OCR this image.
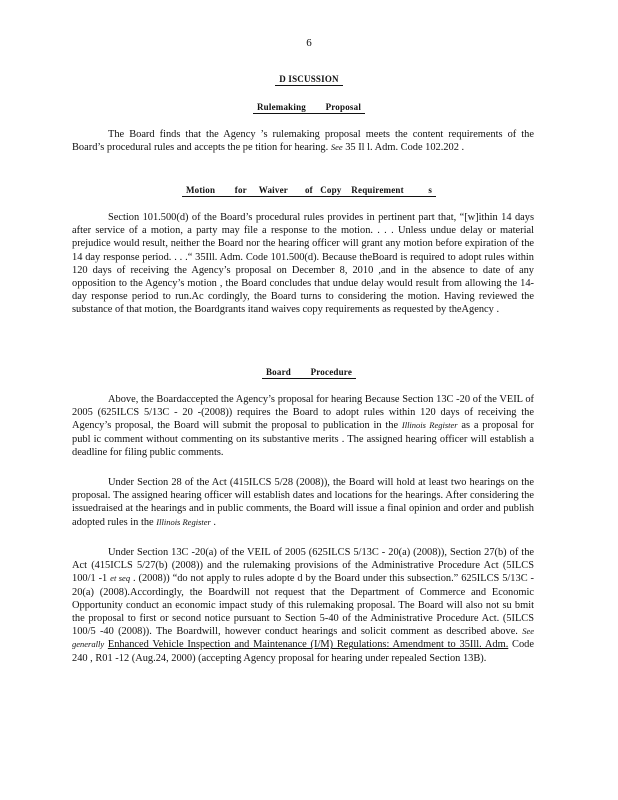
6
D ISCUSSION
Rulemaking        Proposal

The Board finds that the Agency ’s rulemaking proposal meets the content requirements of the Board’s procedural rules and accepts the pe tition for hearing. See 35 Il l. Adm. Code 102.202 .

Motion        for     Waiver       of   Copy    Requirement          s

Section 101.500(d) of the Board’s procedural rules provides in pertinent part that, “[w]ithin 14 days after service of a motion, a party may file a response to the motion. . . . Unless undue delay or material prejudice would result, neither the Board nor the hearing officer will grant any motion before expiration of the 14 day response period. . . .“ 35Ill. Adm. Code 101.500(d). Because theBoard is required to adopt rules within 120 days of receiving the Agency’s proposal on December 8, 2010 ,and in the absence to date of any opposition to the Agency’s motion , the Board concludes that undue delay would result from allowing the 14-day response period to run.Ac cordingly, the Board turns to considering the motion. Having reviewed the substance of that motion, the Boardgrants itand waives copy requirements as requested by theAgency .

Board        Procedure

Above, the Boardaccepted the Agency’s proposal for hearing Because Section 13C -20 of the VEIL of 2005 (625ILCS 5/13C - 20 -(2008)) requires the Board to adopt rules within 120 days of receiving the Agency’s proposal, the Board will submit the proposal to publication in the Illinois Register as a proposal for publ ic comment without commenting on its substantive merits . The assigned hearing officer will establish a deadline for filing public comments.

Under Section 28 of the Act (415ILCS 5/28 (2008)), the Board will hold at least two hearings on the proposal. The assigned hearing officer will establish dates and locations for the hearings. After considering the issuedraised at the hearings and in public comments, the Board will issue a final opinion and order and publish adopted rules in the Illinois Register .

Under Section 13C -20(a) of the VEIL of 2005 (625ILCS 5/13C - 20(a) (2008)), Section 27(b) of the Act (415ICLS 5/27(b) (2008)) and the rulemaking provisions of the Administrative Procedure Act (5ILCS 100/1 -1 et seq . (2008)) “do not apply to rules adopte d by the Board under this subsection.” 625ILCS 5/13C - 20(a) (2008).Accordingly, the Boardwill not request that the Department of Commerce and Economic Opportunity conduct an economic impact study of this rulemaking proposal. The Board will also not su bmit the proposal to first or second notice pursuant to Section 5-40 of the Administrative Procedure Act. (5ILCS 100/5 -40 (2008)). The Boardwill, however conduct hearings and solicit comment as described above. See generally Enhanced Vehicle Inspection and Maintenance (I/M) Regulations: Amendment to 35Ill. Adm. Code 240 , R01 -12 (Aug.24, 2000) (accepting Agency proposal for hearing under repealed Section 13B).
